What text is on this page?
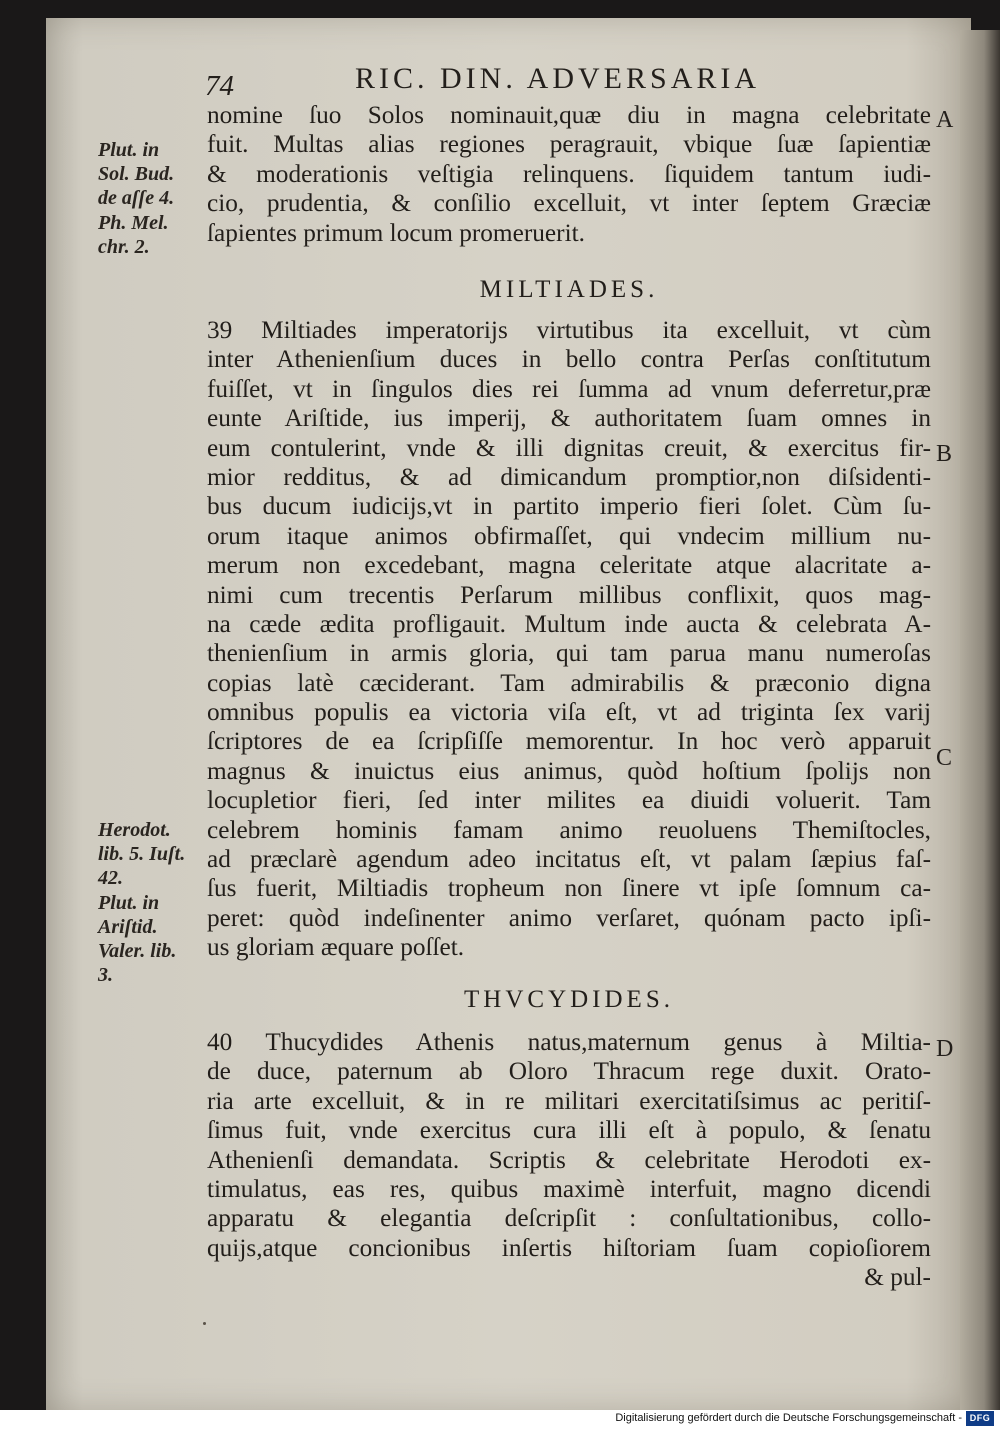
74	RIC. DIN. ADVERSARIA
nomine ſuo Solos nominauit,quæ diu in magna celebritate
fuit. Multas alias regiones peragrauit, vbique ſuæ ſapientiæ
& moderationis veſtigia relinquens. ſiquidem tantum iudi-
cio, prudentia, & conſilio excelluit, vt inter ſeptem Græciæ
ſapientes primum locum promeruerit.
MILTIADES.
39 Miltiades imperatorijs virtutibus ita excelluit, vt cùm
inter Athenienſium duces in bello contra Perſas conſtitutum
fuiſſet, vt in ſingulos dies rei ſumma ad vnum deferretur,præ
eunte Ariſtide, ius imperij, & authoritatem ſuam omnes in
eum contulerint, vnde & illi dignitas creuit, & exercitus fir-
mior redditus, & ad dimicandum promptior,non diſsidenti-
bus ducum iudicijs,vt in partito imperio fieri ſolet. Cùm ſu-
orum itaque animos obfirmaſſet, qui vndecim millium nu-
merum non excedebant, magna celeritate atque alacritate a-
nimi cum trecentis Perſarum millibus conflixit, quos mag-
na cæde ædita profligauit. Multum inde aucta & celebrata A-
thenienſium in armis gloria, qui tam parua manu numeroſas
copias latè cæciderant. Tam admirabilis & præconio digna
omnibus populis ea victoria viſa eſt, vt ad triginta ſex varij
ſcriptores de ea ſcripſiſſe memorentur. In hoc verò apparuit
magnus & inuictus eius animus, quòd hoſtium ſpolijs non
locupletior fieri, ſed inter milites ea diuidi voluerit. Tam
celebrem hominis famam animo reuoluens Themiſtocles,
ad præclarè agendum adeo incitatus eſt, vt palam ſæpius faſ-
ſus fuerit, Miltiadis tropheum non ſinere vt ipſe ſomnum ca-
peret: quòd indeſinenter animo verſaret, quónam pacto ipſi-
us gloriam æquare poſſet.
THVCYDIDES.
40 Thucydides Athenis natus,maternum genus à Miltia-
de duce, paternum ab Oloro Thracum rege duxit. Orato-
ria arte excelluit, & in re militari exercitatiſsimus ac peritiſ-
ſimus fuit, vnde exercitus cura illi eſt à populo, & ſenatu
Athenienſi demandata. Scriptis & celebritate Herodoti ex-
timulatus, eas res, quibus maximè interfuit, magno dicendi
apparatu & elegantia deſcripſit : conſultationibus, collo-
quijs,atque concionibus inſertis hiſtoriam ſuam copioſiorem
& pul-
Plut. in
Sol. Bud.
de aſſe 4.
Ph. Mel.
chr. 2.
Herodot.
lib. 5. Iuſt.
42.
Plut. in
Ariſtid.
Valer. lib.
3.
A
B
C
D
Digitalisierung gefördert durch die Deutsche Forschungsgemeinschaft - DFG
